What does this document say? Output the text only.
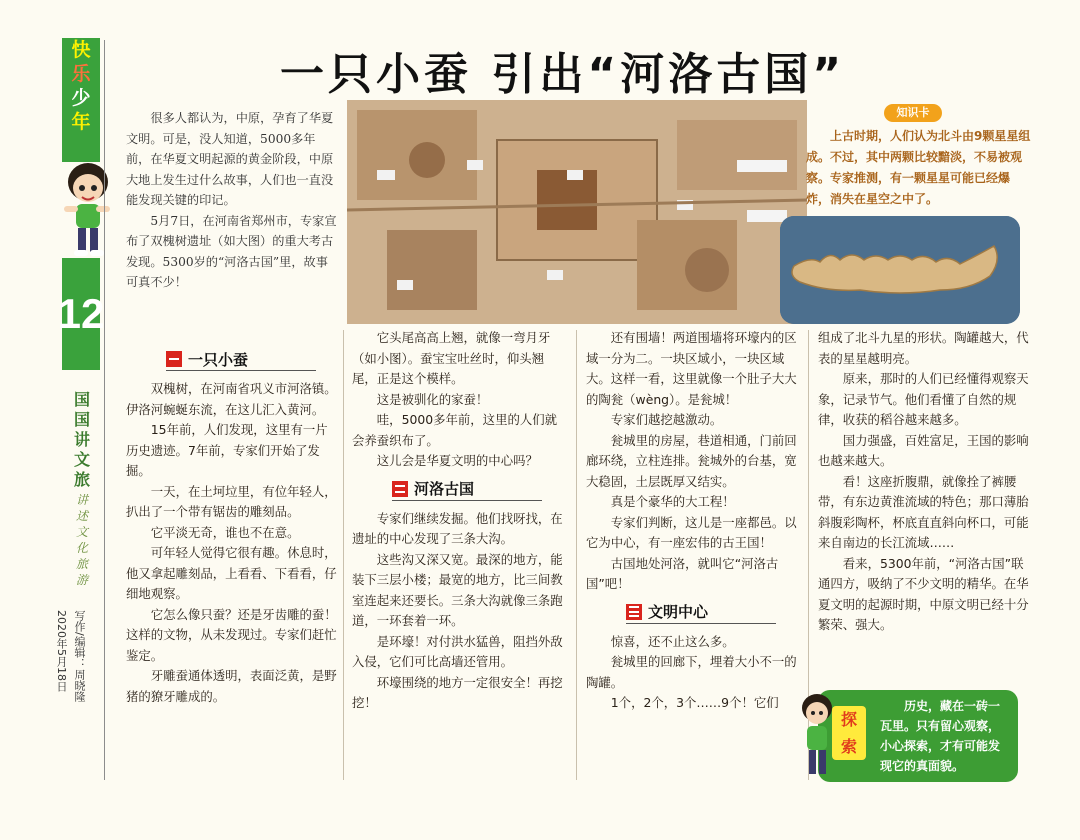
快
乐
少
年
12
国国讲文旅
讲述文化旅游
写作/编辑：周晓隆
2020年5月18日
一只小蚕 引出“河洛古国”

很多人都认为，中原，孕育了华夏文明。可是，没人知道，5000多年前，在华夏文明起源的黄金阶段，中原大地上发生过什么故事，人们也一直没能发现关键的印记。

5月7日，在河南省郑州市，专家宣布了双槐树遗址（如大图）的重大考古发现。5300岁的“河洛古国”里，故事可真不少！

知识卡

上古时期，人们认为北斗由9颗星星组成。不过，其中两颗比较黯淡，不易被观察。专家推测，有一颗星星可能已经爆炸，消失在星空之中了。

一只小蚕

双槐树，在河南省巩义市河洛镇。伊洛河蜿蜒东流，在这儿汇入黄河。

15年前，人们发现，这里有一片历史遗迹。7年前，专家们开始了发掘。

一天，在土坷垃里，有位年轻人，扒出了一个带有锯齿的雕刻品。

它平淡无奇，谁也不在意。

可年轻人觉得它很有趣。休息时，他又拿起雕刻品，上看看、下看看，仔细地观察。

它怎么像只蚕？还是牙齿雕的蚕！这样的文物，从未发现过。专家们赶忙鉴定。

牙雕蚕通体透明，表面泛黄，是野猪的獠牙雕成的。

它头尾高高上翘，就像一弯月牙（如小图）。蚕宝宝吐丝时，仰头翘尾，正是这个模样。

这是被驯化的家蚕！

哇，5000多年前，这里的人们就会养蚕织布了。

这儿会是华夏文明的中心吗？

河洛古国

专家们继续发掘。他们找呀找，在遗址的中心发现了三条大沟。

这些沟又深又宽。最深的地方，能装下三层小楼；最宽的地方，比三间教室连起来还要长。三条大沟就像三条跑道，一环套着一环。

是环壕！对付洪水猛兽，阻挡外敌入侵，它们可比高墙还管用。

环壕围绕的地方一定很安全！再挖挖！

还有围墙！两道围墙将环壕内的区域一分为二。一块区域小，一块区域大。这样一看，这里就像一个肚子大大的陶瓮（wèng）。是瓮城！

专家们越挖越激动。

瓮城里的房屋，巷道相通，门前回廊环绕，立柱连排。瓮城外的台基，宽大稳固，土层既厚又结实。

真是个豪华的大工程！

专家们判断，这儿是一座都邑。以它为中心，有一座宏伟的古王国！

古国地处河洛，就叫它“河洛古国”吧！

文明中心

惊喜，还不止这么多。

瓮城里的回廊下，埋着大小不一的陶罐。

1个，2个，3个……9个！它们

组成了北斗九星的形状。陶罐越大，代表的星星越明亮。

原来，那时的人们已经懂得观察天象，记录节气。他们看懂了自然的规律，收获的稻谷越来越多。

国力强盛，百姓富足，王国的影响也越来越大。

看！这座折腹鼎，就像拴了裤腰带，有东边黄淮流域的特色；那口薄胎斜腹彩陶杯，杯底直直斜向杯口，可能来自南边的长江流域……

看来，5300年前，“河洛古国”联通四方，吸纳了不少文明的精华。在华夏文明的起源时期，中原文明已经十分繁荣、强大。

探
索

历史，藏在一砖一瓦里。只有留心观察，小心探索，才有可能发现它的真面貌。
